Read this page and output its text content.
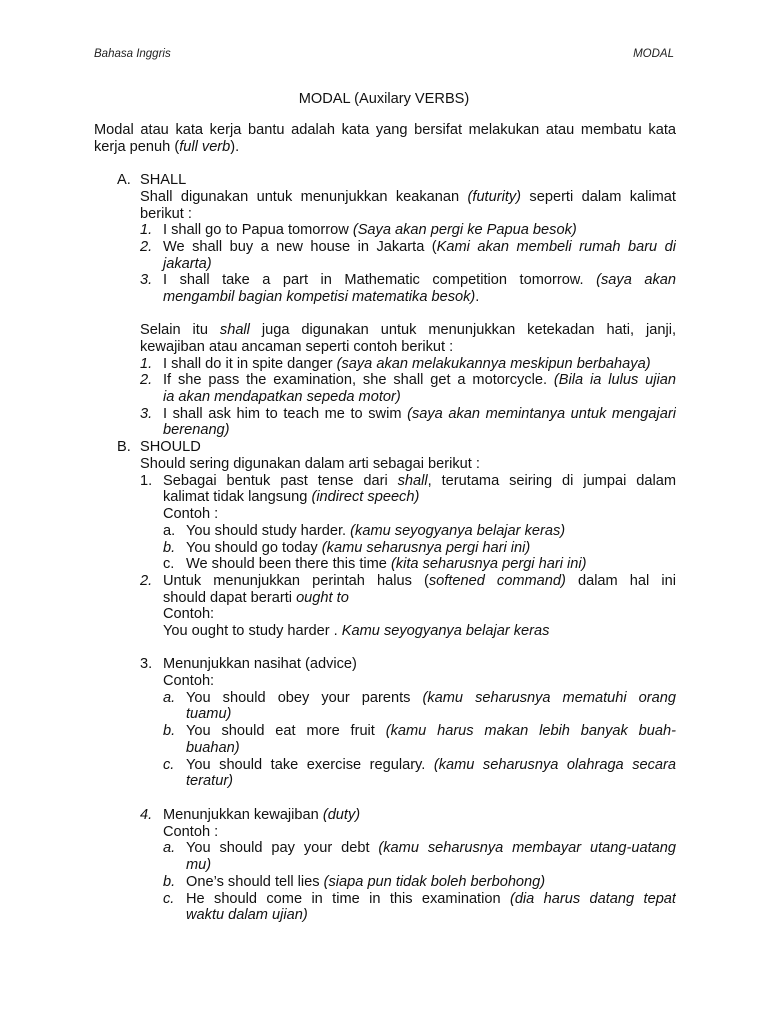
Bahasa Inggris	MODAL
MODAL (Auxilary VERBS)
Modal atau kata kerja bantu adalah kata yang bersifat melakukan atau membatu kata
kerja penuh (full verb).
A. SHALL
Shall digunakan untuk menunjukkan keakanan (futurity) seperti dalam kalimat
berikut :
1. I shall go to Papua tomorrow (Saya akan pergi ke Papua besok)
2. We shall buy a new house in Jakarta (Kami akan membeli rumah baru di
jakarta)
3. I shall take a part in Mathematic competition tomorrow. (saya akan
mengambil bagian kompetisi matematika besok).
Selain itu shall juga digunakan untuk menunjukkan ketekadan hati, janji,
kewajiban atau ancaman seperti contoh berikut :
1. I shall do it in spite danger (saya akan melakukannya meskipun berbahaya)
2. If she pass the examination, she shall get a motorcycle. (Bila ia lulus ujian
ia akan mendapatkan sepeda motor)
3. I shall ask him to teach me to swim (saya akan memintanya untuk mengajari
berenang)
B. SHOULD
Should sering digunakan dalam arti sebagai berikut :
1. Sebagai bentuk past tense dari shall, terutama seiring di jumpai dalam
kalimat tidak langsung (indirect speech)
Contoh :
a. You should study harder. (kamu seyogyanya belajar keras)
b. You should go today (kamu seharusnya pergi hari ini)
c. We should been there this time (kita seharusnya pergi hari ini)
2. Untuk menunjukkan perintah halus (softened command) dalam hal ini
should dapat berarti ought to
Contoh:
You ought to study harder . Kamu seyogyanya belajar keras
3. Menunjukkan nasihat (advice)
Contoh:
a. You should obey your parents (kamu seharusnya mematuhi orang
tuamu)
b. You should eat more fruit (kamu harus makan lebih banyak buah-
buahan)
c. You should take exercise regulary. (kamu seharusnya olahraga secara
teratur)
4. Menunjukkan kewajiban (duty)
Contoh :
a. You should pay your debt (kamu seharusnya membayar utang-uatang
mu)
b. One’s should tell lies (siapa pun tidak boleh berbohong)
c. He should come in time in this examination (dia harus datang tepat
waktu dalam ujian)
